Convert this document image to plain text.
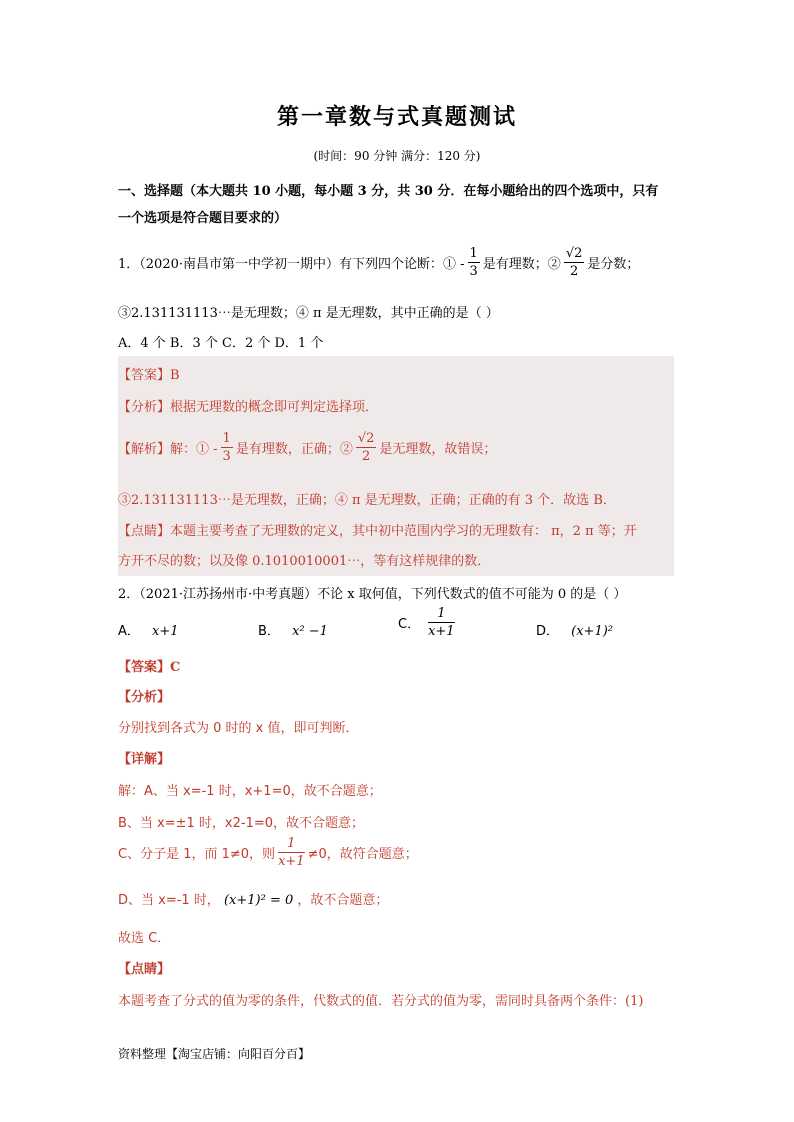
第一章数与式真题测试
(时间：90 分钟 满分：120 分)
一、选择题（本大题共 10 小题，每小题 3 分，共 30 分．在每小题给出的四个选项中，只有
一个选项是符合题目要求的）
1．（2020·南昌市第一中学初一期中）有下列四个论断：① - $\frac{1}{3}$ 是有理数；② $\frac{√2}{2}$ 是分数；
③2.131131113⋯是无理数；④ π 是无理数，其中正确的是（ ）
A．4 个 B．3 个 C．2 个 D．1 个
【答案】B
【分析】根据无理数的概念即可判定选择项．
【解析】解：① - $\frac{1}{3}$ 是有理数，正确；② $\frac{√2}{2}$ 是无理数，故错误；
③2.131131113⋯是无理数，正确；④ π 是无理数，正确；正确的有 3 个．故选 B．
【点睛】本题主要考查了无理数的定义，其中初中范围内学习的无理数有： π，2 π 等；开
方开不尽的数；以及像 0.1010010001⋯，等有这样规律的数．
2．（2021·江苏扬州市·中考真题）不论 x 取何值，下列代数式的值不可能为 0 的是（ ）
A． x+1	B． x² −1	C． $\frac{1}{x+1}$	D． (x+1)²
【答案】C
【分析】
分别找到各式为 0 时的 x 值，即可判断．
【详解】
解：A、当 x=-1 时，x+1=0，故不合题意；
B、当 x=±1 时，x2-1=0，故不合题意；
C、分子是 1，而 1≠0，则 $\frac{1}{x+1} \ne 0$，故符合题意；
D、当 x=-1 时， (x+1)² = 0 ，故不合题意；
故选 C．
【点睛】
本题考查了分式的值为零的条件，代数式的值．若分式的值为零，需同时具备两个条件：(1)
资料整理【淘宝店铺：向阳百分百】
